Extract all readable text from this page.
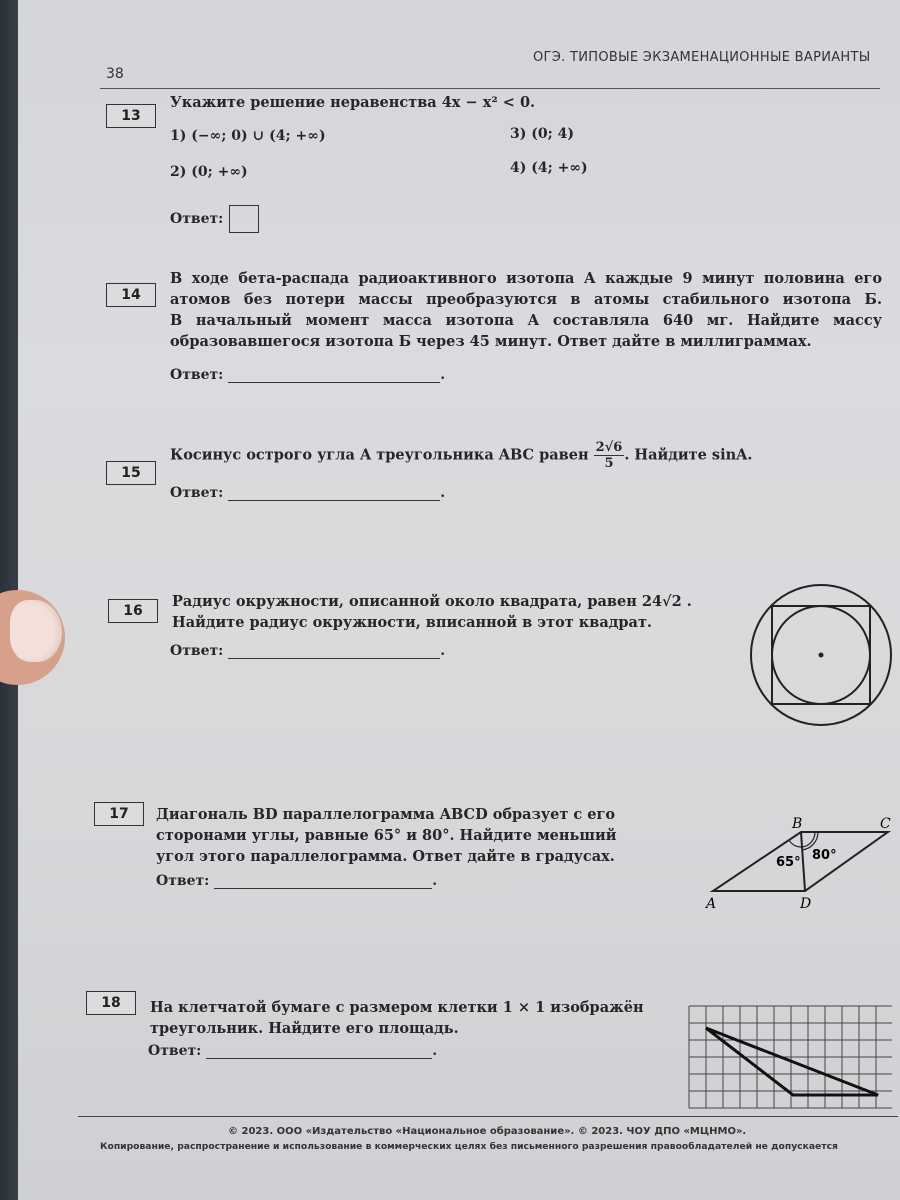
38
ОГЭ. ТИПОВЫЕ ЭКЗАМЕНАЦИОННЫЕ ВАРИАНТЫ
13
Укажите решение неравенства 4x − x² < 0.
1) (−∞; 0) ∪ (4; +∞)
2) (0; +∞)
3) (0; 4)
4) (4; +∞)
Ответ:
14
В ходе бета-распада радиоактивного изотопа А каждые 9 минут половина его
атомов без потери массы преобразуются в атомы стабильного изотопа Б.
В начальный момент масса изотопа А составляла 640 мг. Найдите массу
образовавшегося изотопа Б через 45 минут. Ответ дайте в миллиграммах.
Ответ:	.
15
Косинус острого угла A треугольника ABC равен $\frac{2√6}{5}$ . Найдите sinA.
Ответ:	.
16
Радиус окружности, описанной около квадрата, равен 24√2 .
Найдите радиус окружности, вписанной в этот квадрат.
Ответ:	.
17	Диагональ BD параллелограмма ABCD образует с его
сторонами углы, равные 65° и 80°. Найдите меньший
угол этого параллелограмма. Ответ дайте в градусах.
Ответ:	.
B	C
A	D
65° 80°
18	На клетчатой бумаге с размером клетки 1 × 1 изображён
треугольник. Найдите его площадь.
Ответ:	.
© 2023. ООО «Издательство «Национальное образование». © 2023. ЧОУ ДПО «МЦНМО».
Копирование, распространение и использование в коммерческих целях без письменного разрешения правообладателей не допускается
